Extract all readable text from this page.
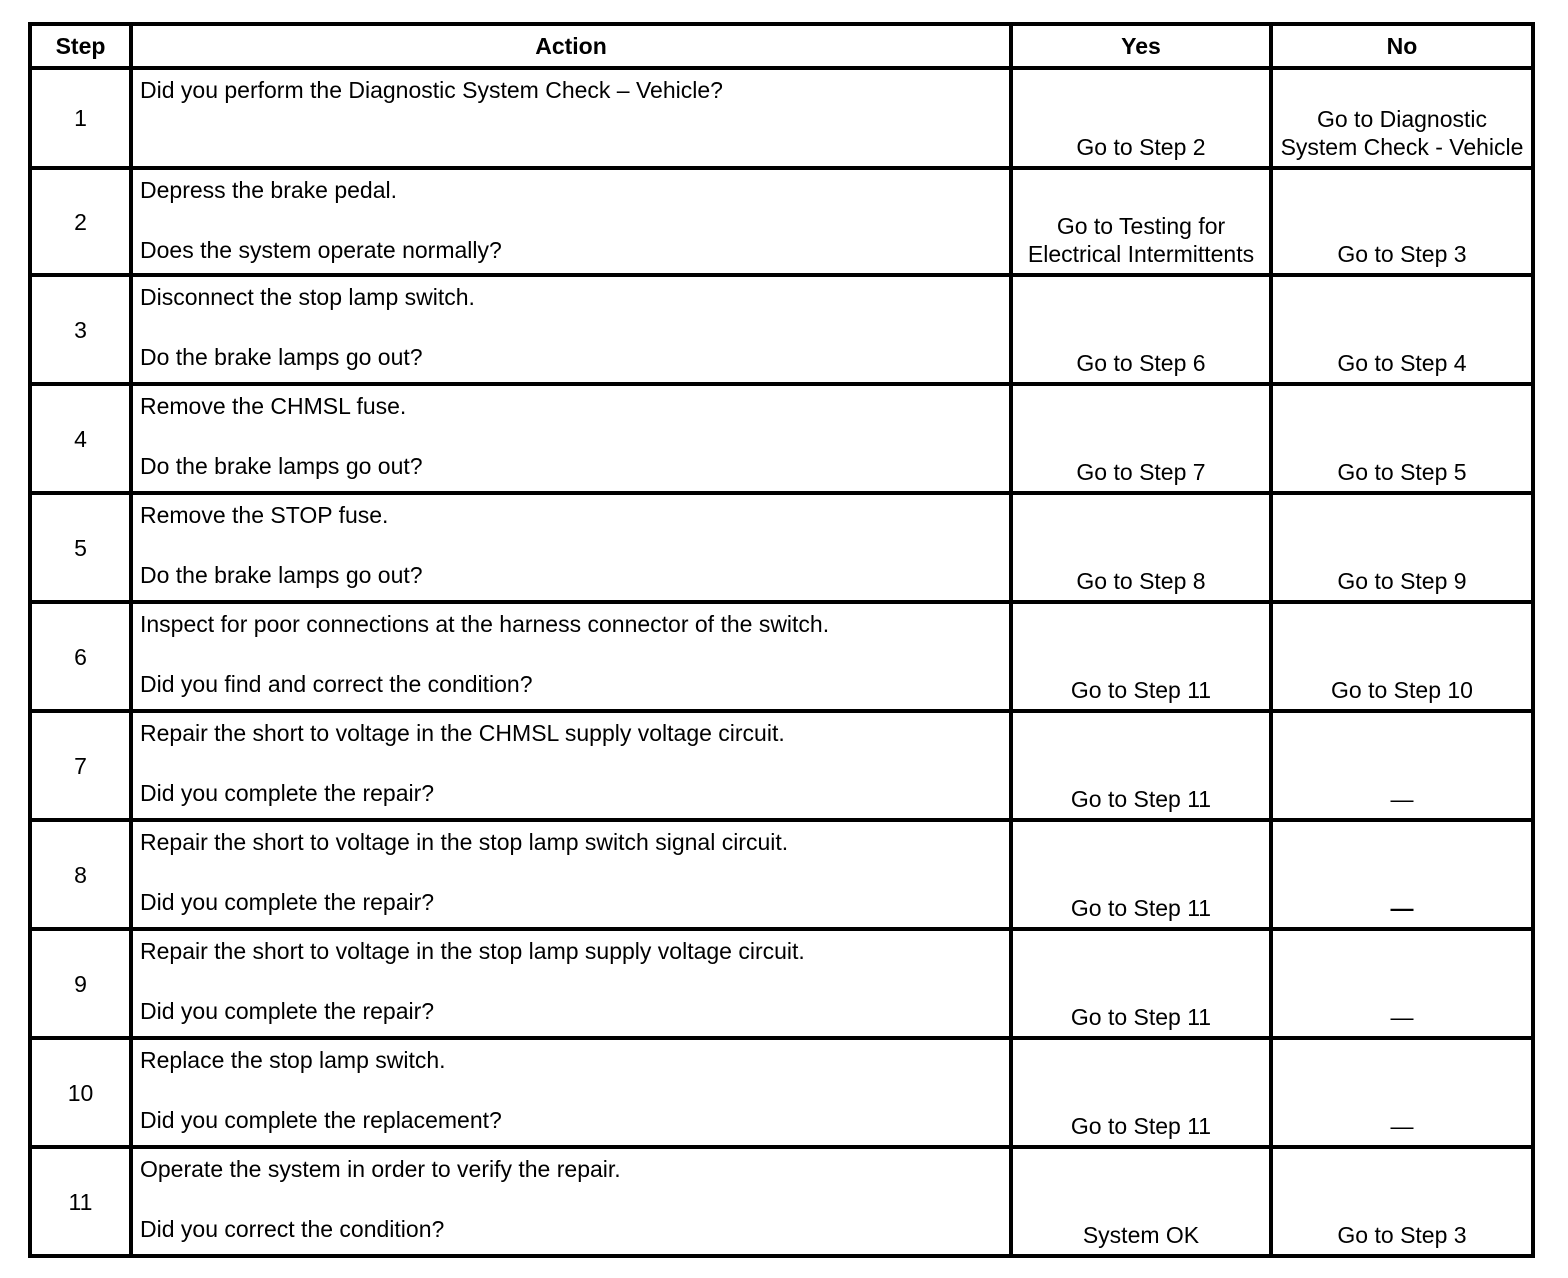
Step	Action	Yes	No
1	Did you perform the Diagnostic System Check – Vehicle?	Go to Step 2	Go to Diagnostic System Check - Vehicle
2	Depress the brake pedal.
Does the system operate normally?	Go to Testing for Electrical Intermittents	Go to Step 3
3	Disconnect the stop lamp switch.
Do the brake lamps go out?	Go to Step 6	Go to Step 4
4	Remove the CHMSL fuse.
Do the brake lamps go out?	Go to Step 7	Go to Step 5
5	Remove the STOP fuse.
Do the brake lamps go out?	Go to Step 8	Go to Step 9
6	Inspect for poor connections at the harness connector of the switch.
Did you find and correct the condition?	Go to Step 11	Go to Step 10
7	Repair the short to voltage in the CHMSL supply voltage circuit.
Did you complete the repair?	Go to Step 11	—
8	Repair the short to voltage in the stop lamp switch signal circuit.
Did you complete the repair?	Go to Step 11	—
9	Repair the short to voltage in the stop lamp supply voltage circuit.
Did you complete the repair?	Go to Step 11	—
10	Replace the stop lamp switch.
Did you complete the replacement?	Go to Step 11	—
11	Operate the system in order to verify the repair.
Did you correct the condition?	System OK	Go to Step 3
